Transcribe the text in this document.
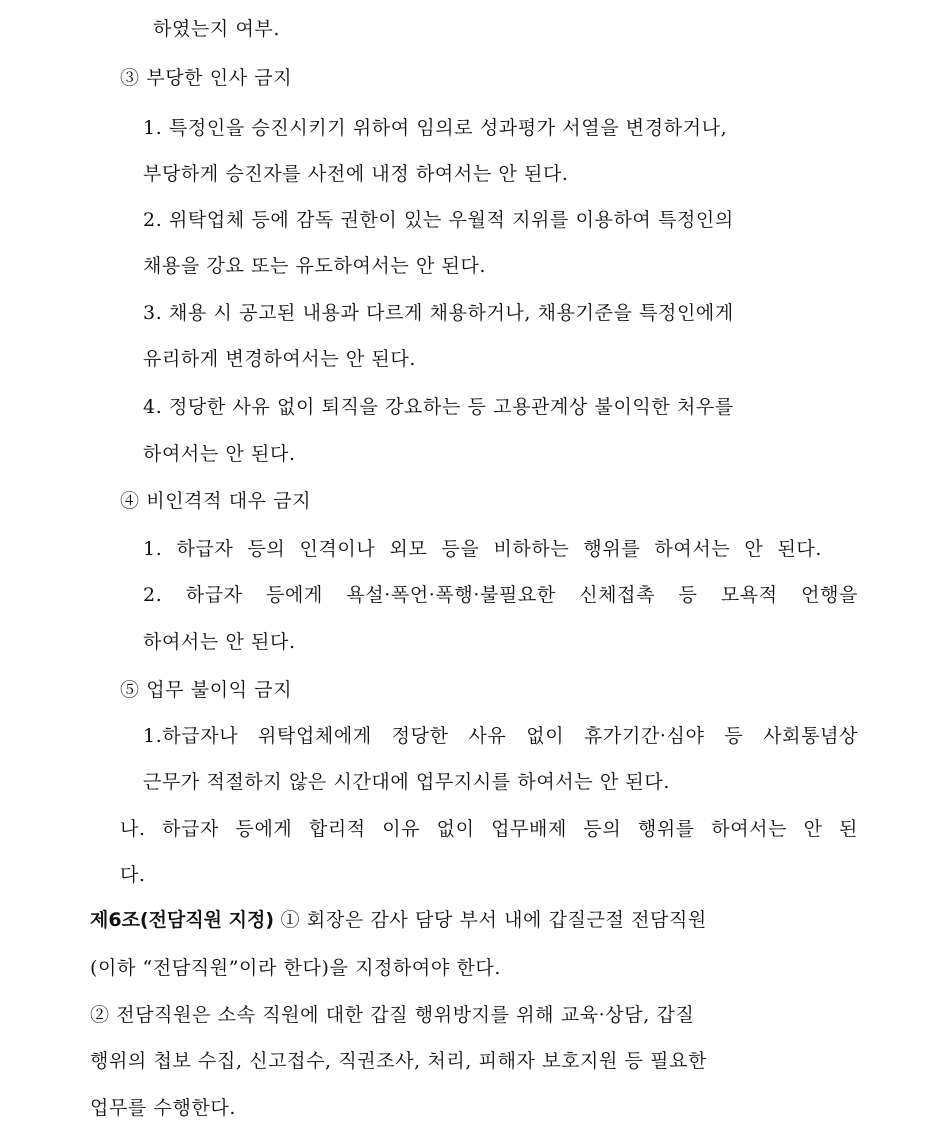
하였는지 여부.
③ 부당한 인사 금지
1. 특정인을 승진시키기 위하여 임의로 성과평가 서열을 변경하거나,
부당하게 승진자를 사전에 내정 하여서는 안 된다.
2. 위탁업체 등에 감독 권한이 있는 우월적 지위를 이용하여 특정인의
채용을 강요 또는 유도하여서는 안 된다.
3. 채용 시 공고된 내용과 다르게 채용하거나, 채용기준을 특정인에게
유리하게 변경하여서는 안 된다.
4. 정당한 사유 없이 퇴직을 강요하는 등 고용관계상 불이익한 처우를
하여서는 안 된다.
④ 비인격적 대우 금지
1. 하급자 등의 인격이나 외모 등을 비하하는 행위를 하여서는 안 된다.
2. 하급자 등에게 욕설·폭언·폭행·불필요한 신체접촉 등 모욕적 언행을
하여서는 안 된다.
⑤ 업무 불이익 금지
1.하급자나 위탁업체에게 정당한 사유 없이 휴가기간·심야 등 사회통념상
근무가 적절하지 않은 시간대에 업무지시를 하여서는 안 된다.
나. 하급자 등에게 합리적 이유 없이 업무배제 등의 행위를 하여서는 안 된
다.
제6조(전담직원 지정) ① 회장은 감사 담당 부서 내에 갑질근절 전담직원
(이하 “전담직원”이라 한다)을 지정하여야 한다.
② 전담직원은 소속 직원에 대한 갑질 행위방지를 위해 교육·상담, 갑질
행위의 첩보 수집, 신고접수, 직권조사, 처리, 피해자 보호지원 등 필요한
업무를 수행한다.
